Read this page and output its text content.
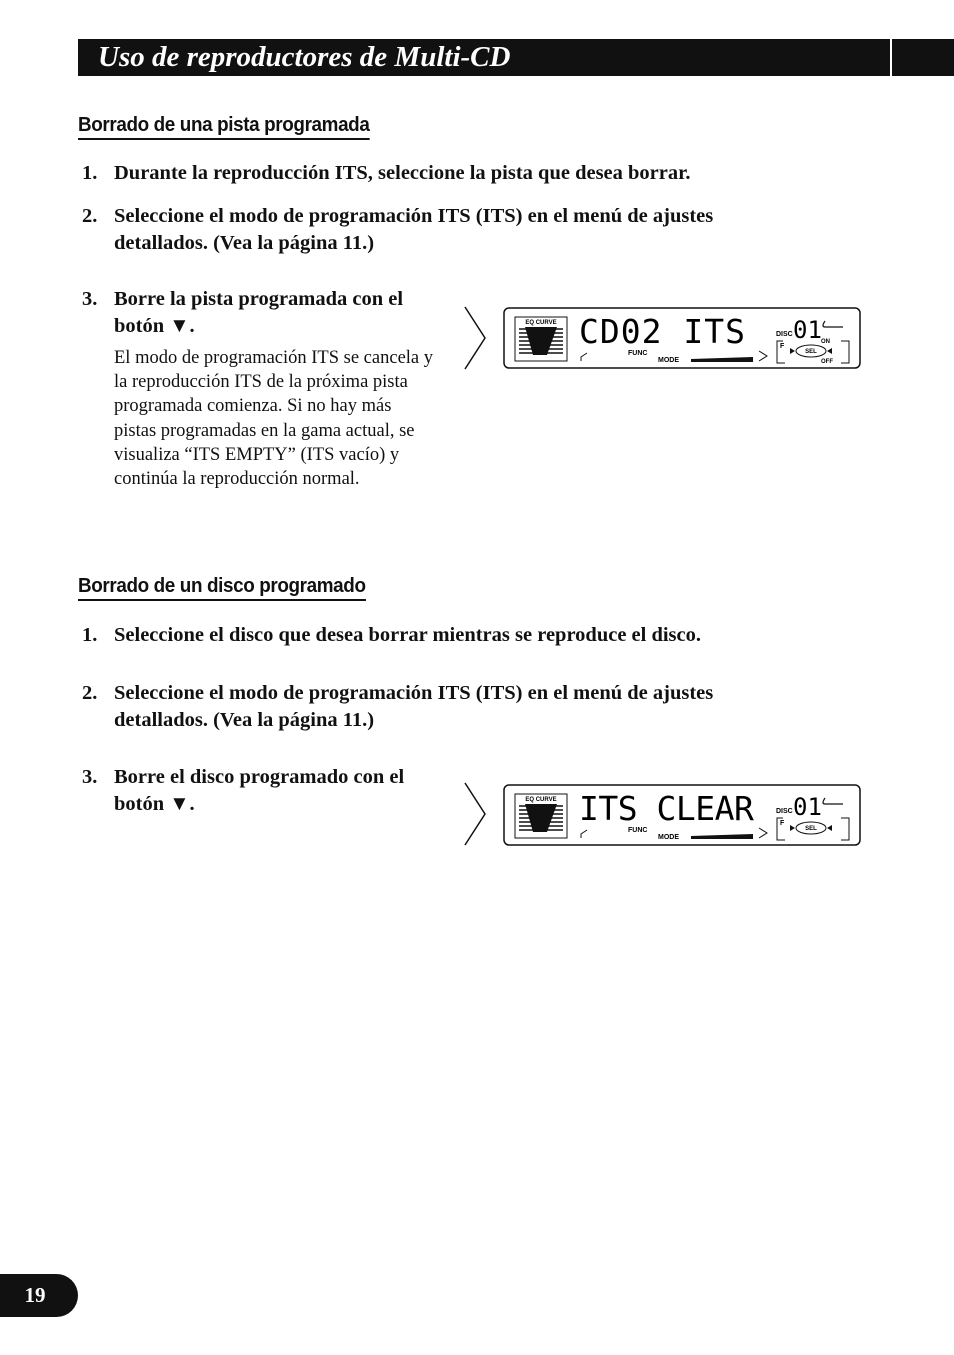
Uso de reproductores de Multi-CD
Borrado de una pista programada
1. Durante la reproducción ITS, seleccione la pista que desea borrar.
2. Seleccione el modo de programación ITS (ITS) en el menú de ajustes
detallados. (Vea la página 11.)
3. Borre la pista programada con el
botón ▼.
El modo de programación ITS se cancela y la reproducción ITS de la próxima pista programada comienza. Si no hay más pistas programadas en la gama actual, se visualiza “ITS EMPTY” (ITS vacío) y continúa la reproducción normal.
EQ CURVE CD02 ITS
FUNC
MODE
DISC 01
F
SEL
ON
OFF
Borrado de un disco programado
1. Seleccione el disco que desea borrar mientras se reproduce el disco.
2. Seleccione el modo de programación ITS (ITS) en el menú de ajustes
detallados. (Vea la página 11.)
3. Borre el disco programado con el
botón ▼.	EQ CURVE ITS CLEAR
FUNC
MODE
DISC 01
F
SEL
19
